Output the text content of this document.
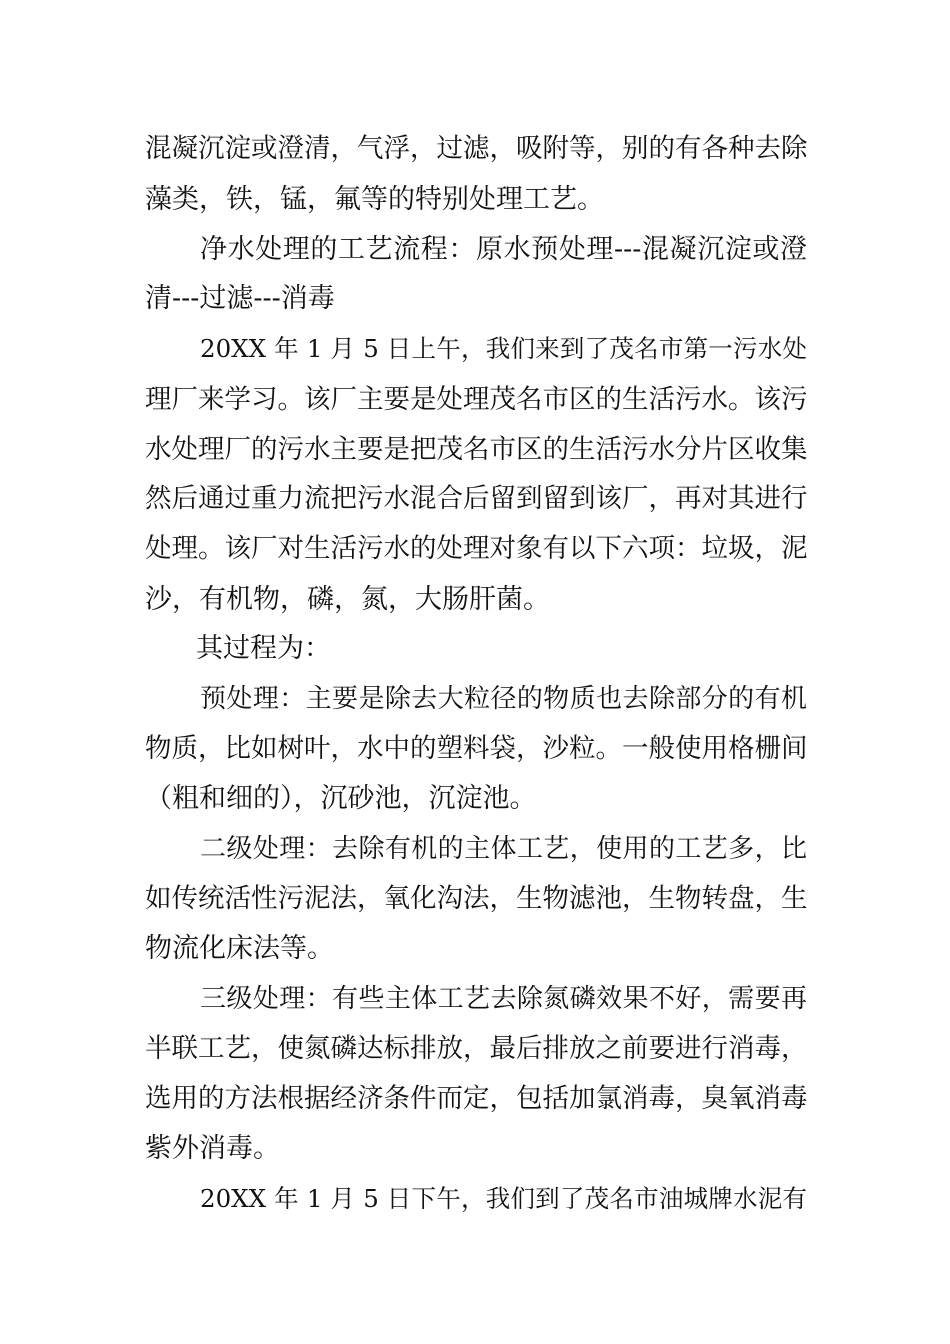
混凝沉淀或澄清，气浮，过滤，吸附等，别的有各种去除
藻类，铁，锰，氟等的特别处理工艺。
净水处理的工艺流程：原水预处理---混凝沉淀或澄
清---过滤---消毒
20XX 年 1 月 5 日上午，我们来到了茂名市第一污水处
理厂来学习。该厂主要是处理茂名市区的生活污水。该污
水处理厂的污水主要是把茂名市区的生活污水分片区收集
然后通过重力流把污水混合后留到留到该厂，再对其进行
处理。该厂对生活污水的处理对象有以下六项：垃圾，泥
沙，有机物，磷，氮，大肠肝菌。
其过程为：
预处理：主要是除去大粒径的物质也去除部分的有机
物质，比如树叶，水中的塑料袋，沙粒。一般使用格栅间
（粗和细的），沉砂池，沉淀池。
二级处理：去除有机的主体工艺，使用的工艺多，比
如传统活性污泥法，氧化沟法，生物滤池，生物转盘，生
物流化床法等。
三级处理：有些主体工艺去除氮磷效果不好，需要再
半联工艺，使氮磷达标排放，最后排放之前要进行消毒，
选用的方法根据经济条件而定，包括加氯消毒，臭氧消毒
紫外消毒。
20XX 年 1 月 5 日下午，我们到了茂名市油城牌水泥有
